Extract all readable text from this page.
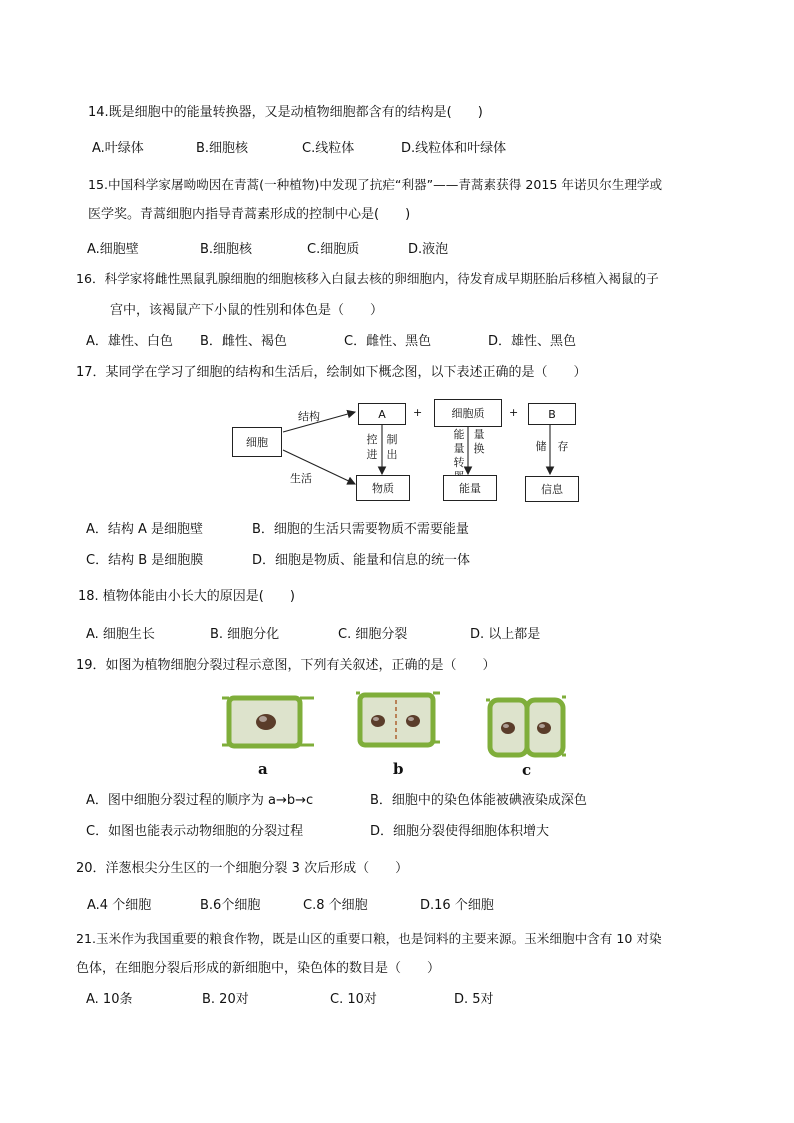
14.既是细胞中的能量转换器，又是动植物细胞都含有的结构是(　　)
A.叶绿体	B.细胞核	C.线粒体	D.线粒体和叶绿体
15.中国科学家屠呦呦因在青蒿(一种植物)中发现了抗疟“利器”——青蒿素获得 2015 年诺贝尔生理学或
医学奖。青蒿细胞内指导青蒿素形成的控制中心是(　　)
A.细胞壁	B.细胞核	C.细胞质	D.液泡
16．科学家将雌性黑鼠乳腺细胞的细胞核移入白鼠去核的卵细胞内，待发育成早期胚胎后移植入褐鼠的子
宫中，该褐鼠产下小鼠的性别和体色是（　　）
A．雄性、白色 B．雌性、褐色	C．雌性、黑色	D．雄性、黑色
17．某同学在学习了细胞的结构和生活后，绘制如下概念图，以下表述正确的是（　　）
细胞
结构
生活
A +	细胞质 +	B
控 制
进 出
能 量
量 换
转
储 存
物质	能量	信息
A．结构 A 是细胞壁	B．细胞的生活只需要物质不需要能量
C．结构 B 是细胞膜	D．细胞是物质、能量和信息的统一体
18. 植物体能由小长大的原因是(　　)
A. 细胞生长	B. 细胞分化	C. 细胞分裂	D. 以上都是
19．如图为植物细胞分裂过程示意图，下列有关叙述，正确的是（　　）
a	b	c
A．图中细胞分裂过程的顺序为 a→b→c	B．细胞中的染色体能被碘液染成深色
C．如图也能表示动物细胞的分裂过程	D．细胞分裂使得细胞体积增大
20．洋葱根尖分生区的一个细胞分裂 3 次后形成（　　）
A.4 个细胞	B.6个细胞	C.8 个细胞	D.16 个细胞
21.玉米作为我国重要的粮食作物，既是山区的重要口粮，也是饲料的主要来源。玉米细胞中含有 10 对染
色体，在细胞分裂后形成的新细胞中，染色体的数目是（　　）
A. 10条	B. 20对	C. 10对	D. 5对
